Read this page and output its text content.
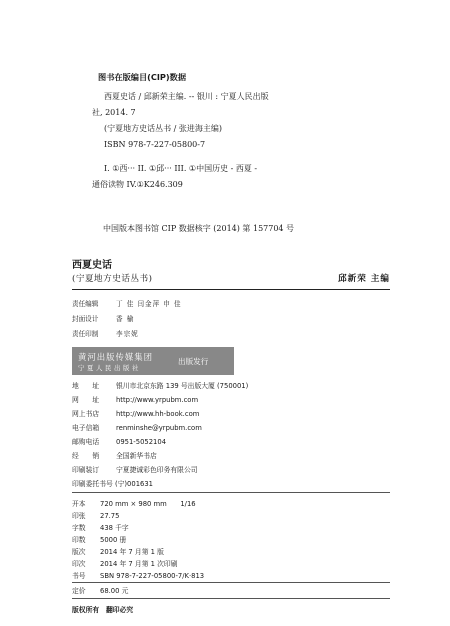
图书在版编目(CIP)数据
西夏史话 / 邱新荣主编. -- 银川 : 宁夏人民出版
社, 2014. 7
(宁夏地方史话丛书 / 张进海主编)
ISBN 978-7-227-05800-7
I. ①西··· II. ①邱··· III. ①中国历史 - 西夏 -
通俗读物 IV.①K246.309
中国版本图书馆 CIP 数据核字 (2014) 第 157704 号
西夏史话
(宁夏地方史话丛书)	邱新荣 主编
责任编辑	丁 佳 闫金萍 申 佳
封面设计	香 榆
责任印制	李宗妮
黄河出版传媒集团
宁夏人民出版社
出版发行
地　　址 银川市北京东路 139 号出版大厦 (750001)
网　　址 http://www.yrpubm.com
网上书店 http://www.hh-book.com
电子信箱 renminshe@yrpubm.com
邮购电话 0951-5052104
经　　销 全国新华书店
印刷装订 宁夏捷诚彩色印务有限公司
印刷委托书号 (宁)001631
开本 720 mm × 980 mm　　1/16
印张 27.75
字数 438 千字
印数 5000 册
版次 2014 年 7 月第 1 版
印次 2014 年 7 月第 1 次印刷
书号 SBN 978-7-227-05800-7/K·813
定价 68.00 元
版权所有　翻印必究
